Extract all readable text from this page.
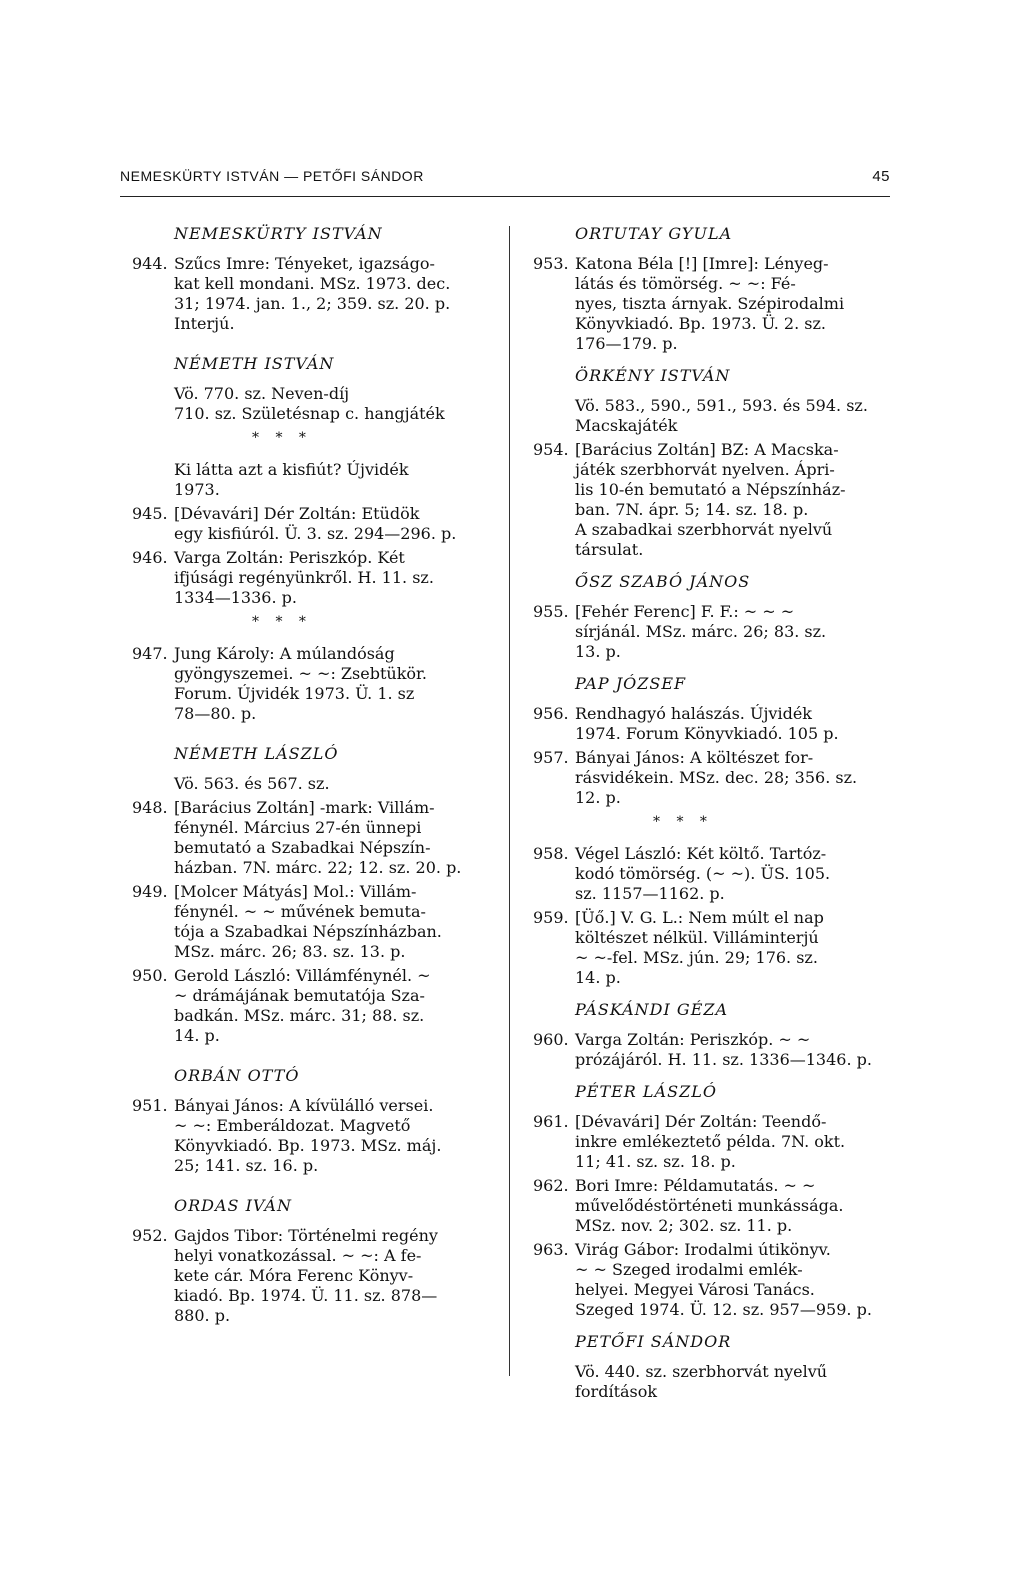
NEMESKÜRTY ISTVÁN — PETŐFI SÁNDOR	45
NEMESKÜRTY ISTVÁN
944. Szűcs Imre: Tényeket, igazságo-
kat kell mondani. MSz. 1973. dec.
31; 1974. jan. 1., 2; 359. sz. 20. p.
Interjú.
NÉMETH ISTVÁN
Vö. 770. sz. Neven-díj
710. sz. Születésnap c. hangjáték
* * *
Ki látta azt a kisfiút? Újvidék
1973.
945. [Dévavári] Dér Zoltán: Etüdök
egy kisfiúról. Ü. 3. sz. 294—296. p.
946. Varga Zoltán: Periszkóp. Két
ifjúsági regényünkről. H. 11. sz.
1334—1336. p.
* * *
947. Jung Károly: A múlandóság
gyöngyszemei. ~ ~: Zsebtükör.
Forum. Újvidék 1973. Ü. 1. sz
78—80. p.
NÉMETH LÁSZLÓ
Vö. 563. és 567. sz.
948. [Barácius Zoltán] -mark: Villám-
fénynél. Március 27-én ünnepi
bemutató a Szabadkai Népszín-
házban. 7N. márc. 22; 12. sz. 20. p.
949. [Molcer Mátyás] Mol.: Villám-
fénynél. ~ ~ művének bemuta-
tója a Szabadkai Népszínházban.
MSz. márc. 26; 83. sz. 13. p.
950. Gerold László: Villámfénynél. ~
~ drámájának bemutatója Sza-
badkán. MSz. márc. 31; 88. sz.
14. p.
ORBÁN OTTÓ
951. Bányai János: A kívülálló versei.
~ ~: Emberáldozat. Magvető
Könyvkiadó. Bp. 1973. MSz. máj.
25; 141. sz. 16. p.
ORDAS IVÁN
952. Gajdos Tibor: Történelmi regény
helyi vonatkozással. ~ ~: A fe-
kete cár. Móra Ferenc Könyv-
kiadó. Bp. 1974. Ü. 11. sz. 878—
880. p.
ORTUTAY GYULA
953. Katona Béla [!] [Imre]: Lényeg-
látás és tömörség. ~ ~: Fé-
nyes, tiszta árnyak. Szépirodalmi
Könyvkiadó. Bp. 1973. Ü. 2. sz.
176—179. p.
ÖRKÉNY ISTVÁN
Vö. 583., 590., 591., 593. és 594. sz.
Macskajáték
954. [Barácius Zoltán] BZ: A Macska-
játék szerbhorvát nyelven. Ápri-
lis 10-én bemutató a Népszínház-
ban. 7N. ápr. 5; 14. sz. 18. p.
A szabadkai szerbhorvát nyelvű
társulat.
ŐSZ SZABÓ JÁNOS
955. [Fehér Ferenc] F. F.: ~ ~ ~
sírjánál. MSz. márc. 26; 83. sz.
13. p.
PAP JÓZSEF
956. Rendhagyó halászás. Újvidék
1974. Forum Könyvkiadó. 105 p.
957. Bányai János: A költészet for-
rásvidékein. MSz. dec. 28; 356. sz.
12. p.
* * *
958. Végel László: Két költő. Tartóz-
kodó tömörség. (~ ~). ÜS. 105.
sz. 1157—1162. p.
959. [Üő.] V. G. L.: Nem múlt el nap
költészet nélkül. Villáminterjú
~ ~-fel. MSz. jún. 29; 176. sz.
14. p.
PÁSKÁNDI GÉZA
960. Varga Zoltán: Periszkóp. ~ ~
prózájáról. H. 11. sz. 1336—1346. p.
PÉTER LÁSZLÓ
961. [Dévavári] Dér Zoltán: Teendő-
inkre emlékeztető példa. 7N. okt.
11; 41. sz. sz. 18. p.
962. Bori Imre: Példamutatás. ~ ~
művelődéstörténeti munkássága.
MSz. nov. 2; 302. sz. 11. p.
963. Virág Gábor: Irodalmi útikönyv.
~ ~ Szeged irodalmi emlék-
helyei. Megyei Városi Tanács.
Szeged 1974. Ü. 12. sz. 957—959. p.
PETŐFI SÁNDOR
Vö. 440. sz. szerbhorvát nyelvű
fordítások
